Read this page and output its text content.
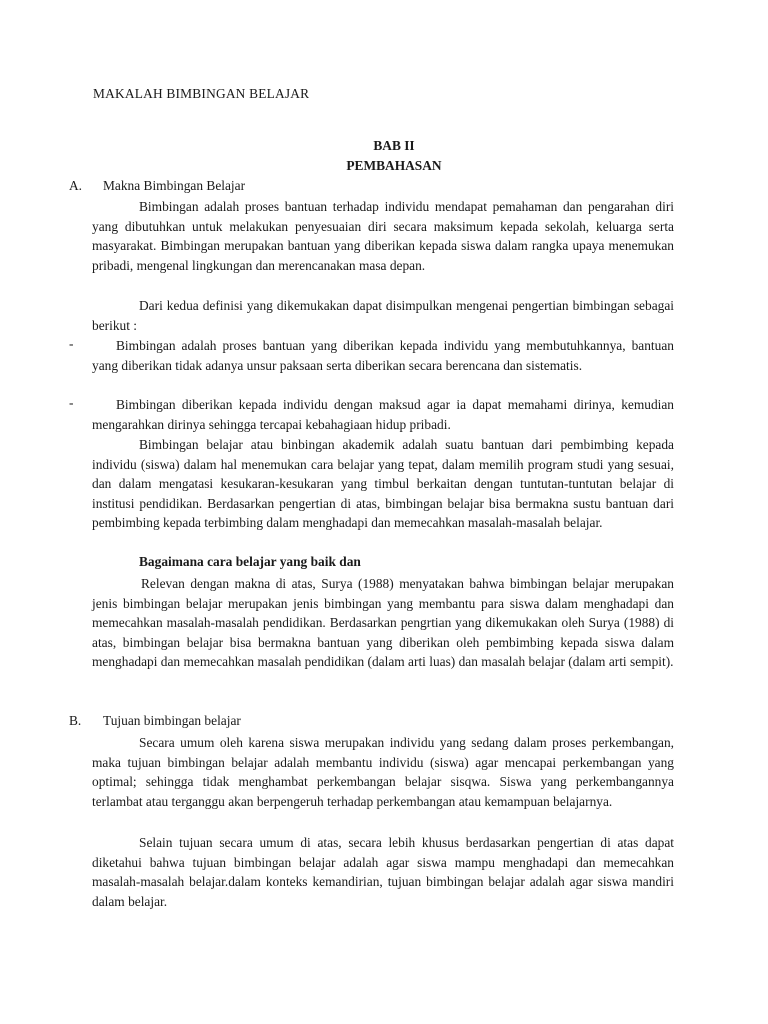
MAKALAH BIMBINGAN BELAJAR
BAB II
PEMBAHASAN
A. Makna Bimbingan Belajar

Bimbingan adalah proses bantuan terhadap individu mendapat pemahaman dan pengarahan diri yang dibutuhkan untuk melakukan penyesuaian diri secara maksimum kepada sekolah, keluarga serta masyarakat. Bimbingan merupakan bantuan yang diberikan kepada siswa dalam rangka upaya menemukan pribadi, mengenal lingkungan dan merencanakan masa depan.

Dari kedua definisi yang dikemukakan dapat disimpulkan mengenai pengertian bimbingan sebagai berikut :

-	Bimbingan adalah proses bantuan yang diberikan kepada individu yang membutuhkannya, bantuan yang diberikan tidak adanya unsur paksaan serta diberikan secara berencana dan sistematis.

-	Bimbingan diberikan kepada individu dengan maksud agar ia dapat memahami dirinya, kemudian mengarahkan dirinya sehingga tercapai kebahagiaan hidup pribadi.

Bimbingan belajar atau binbingan akademik adalah suatu bantuan dari pembimbing kepada individu (siswa) dalam hal menemukan cara belajar yang tepat, dalam memilih program studi yang sesuai, dan dalam mengatasi kesukaran-kesukaran yang timbul berkaitan dengan tuntutan-tuntutan belajar di institusi pendidikan. Berdasarkan pengertian di atas, bimbingan belajar bisa bermakna sustu bantuan dari pembimbing kepada terbimbing dalam menghadapi dan memecahkan masalah-masalah belajar.

Bagaimana cara belajar yang baik dan

Relevan dengan makna di atas, Surya (1988) menyatakan bahwa bimbingan belajar merupakan jenis bimbingan belajar merupakan jenis bimbingan yang membantu para siswa dalam menghadapi dan memecahkan masalah-masalah pendidikan. Berdasarkan pengrtian yang dikemukakan oleh Surya (1988) di atas, bimbingan belajar bisa bermakna bantuan yang diberikan oleh pembimbing kepada siswa dalam menghadapi dan memecahkan masalah pendidikan (dalam arti luas) dan masalah belajar (dalam arti sempit).

B. Tujuan bimbingan belajar

Secara umum oleh karena siswa merupakan individu yang sedang dalam proses perkembangan, maka tujuan bimbingan belajar adalah membantu individu (siswa) agar mencapai perkembangan yang optimal; sehingga tidak menghambat perkembangan belajar sisqwa. Siswa yang perkembangannya terlambat atau terganggu akan berpengeruh terhadap perkembangan atau kemampuan belajarnya.

Selain tujuan secara umum di atas, secara lebih khusus berdasarkan pengertian di atas dapat diketahui bahwa tujuan bimbingan belajar adalah agar siswa mampu menghadapi dan memecahkan masalah-masalah belajar.dalam konteks kemandirian, tujuan bimbingan belajar adalah agar siswa mandiri dalam belajar.
